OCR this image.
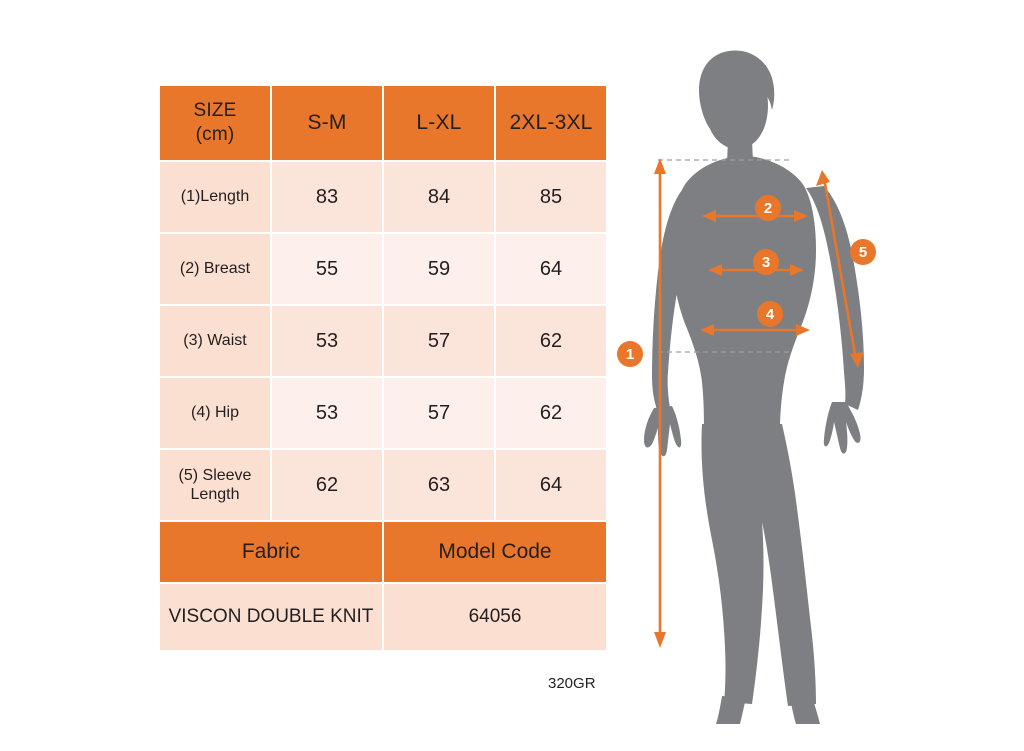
SIZE
(cm)	S-M	L-XL	2XL-3XL
(1)Length	83	84	85
(2) Breast	55	59	64
(3) Waist	53	57	62
(4) Hip	53	57	62
(5) Sleeve Length	62	63	64
Fabric		Model Code	
VISCON DOUBLE KNIT		64056	
320GR
1
2
3
4
5
